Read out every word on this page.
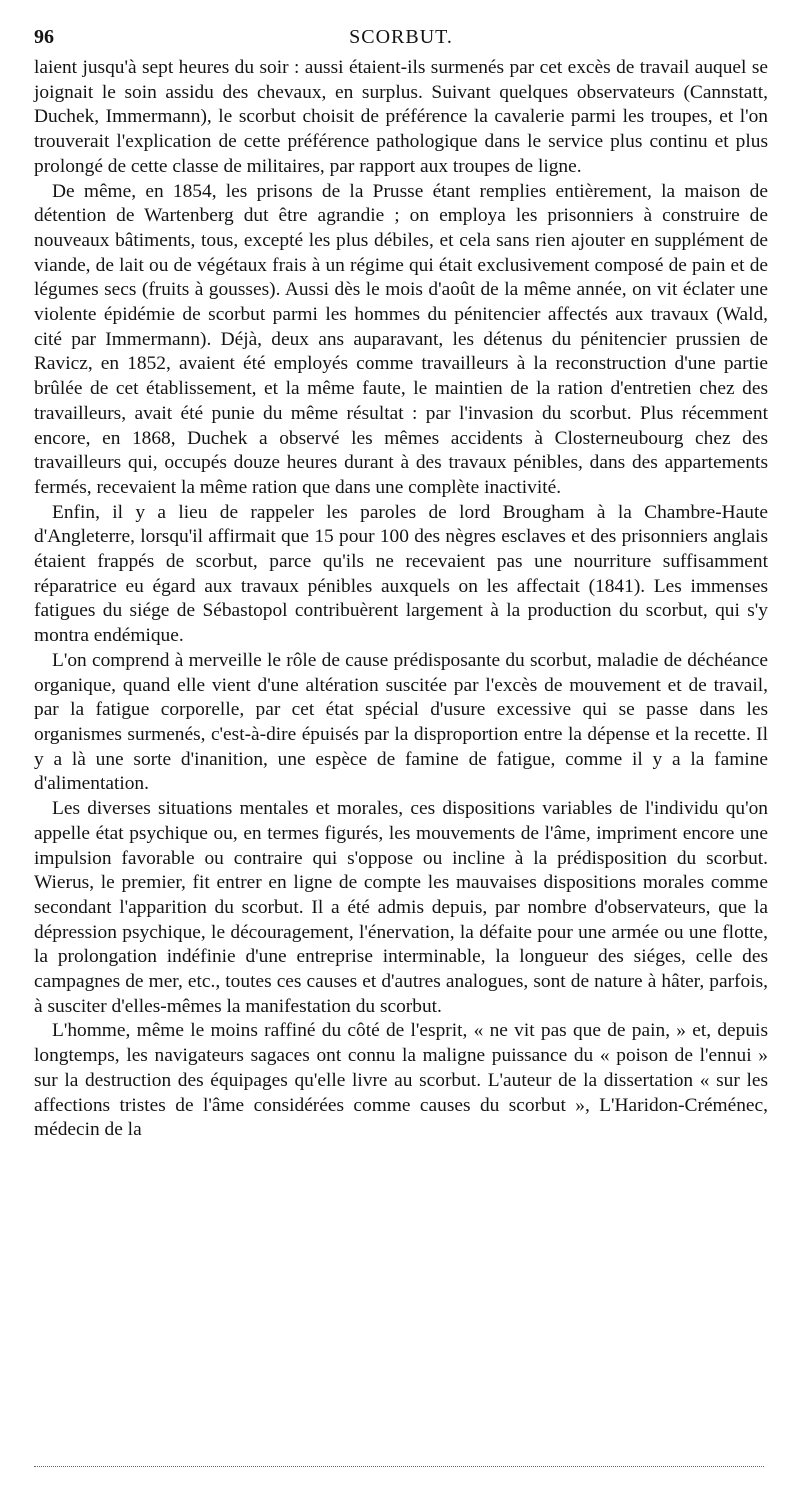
96	SCORBUT.

laient jusqu'à sept heures du soir : aussi étaient-ils surmenés par cet excès de travail auquel se joignait le soin assidu des chevaux, en surplus. Suivant quelques observateurs (Cannstatt, Duchek, Immermann), le scorbut choisit de préférence la cavalerie parmi les troupes, et l'on trouverait l'explication de cette préférence pathologique dans le service plus continu et plus prolongé de cette classe de militaires, par rapport aux troupes de ligne.

De même, en 1854, les prisons de la Prusse étant remplies entièrement, la maison de détention de Wartenberg dut être agrandie ; on employa les prisonniers à construire de nouveaux bâtiments, tous, excepté les plus débiles, et cela sans rien ajouter en supplément de viande, de lait ou de végétaux frais à un régime qui était exclusivement composé de pain et de légumes secs (fruits à gousses). Aussi dès le mois d'août de la même année, on vit éclater une violente épidémie de scorbut parmi les hommes du pénitencier affectés aux travaux (Wald, cité par Immermann). Déjà, deux ans auparavant, les détenus du pénitencier prussien de Ravicz, en 1852, avaient été employés comme travailleurs à la reconstruction d'une partie brûlée de cet établissement, et la même faute, le maintien de la ration d'entretien chez des travailleurs, avait été punie du même résultat : par l'invasion du scorbut. Plus récemment encore, en 1868, Duchek a observé les mêmes accidents à Closterneubourg chez des travailleurs qui, occupés douze heures durant à des travaux pénibles, dans des appartements fermés, recevaient la même ration que dans une complète inactivité.

Enfin, il y a lieu de rappeler les paroles de lord Brougham à la Chambre-Haute d'Angleterre, lorsqu'il affirmait que 15 pour 100 des nègres esclaves et des prisonniers anglais étaient frappés de scorbut, parce qu'ils ne recevaient pas une nourriture suffisamment réparatrice eu égard aux travaux pénibles auxquels on les affectait (1841). Les immenses fatigues du siége de Sébastopol contribuèrent largement à la production du scorbut, qui s'y montra endémique.

L'on comprend à merveille le rôle de cause prédisposante du scorbut, maladie de déchéance organique, quand elle vient d'une altération suscitée par l'excès de mouvement et de travail, par la fatigue corporelle, par cet état spécial d'usure excessive qui se passe dans les organismes surmenés, c'est-à-dire épuisés par la disproportion entre la dépense et la recette. Il y a là une sorte d'inanition, une espèce de famine de fatigue, comme il y a la famine d'alimentation.

Les diverses situations mentales et morales, ces dispositions variables de l'individu qu'on appelle état psychique ou, en termes figurés, les mouvements de l'âme, impriment encore une impulsion favorable ou contraire qui s'oppose ou incline à la prédisposition du scorbut. Wierus, le premier, fit entrer en ligne de compte les mauvaises dispositions morales comme secondant l'apparition du scorbut. Il a été admis depuis, par nombre d'observateurs, que la dépression psychique, le découragement, l'énervation, la défaite pour une armée ou une flotte, la prolongation indéfinie d'une entreprise interminable, la longueur des siéges, celle des campagnes de mer, etc., toutes ces causes et d'autres analogues, sont de nature à hâter, parfois, à susciter d'elles-mêmes la manifestation du scorbut.

L'homme, même le moins raffiné du côté de l'esprit, « ne vit pas que de pain, » et, depuis longtemps, les navigateurs sagaces ont connu la maligne puissance du « poison de l'ennui » sur la destruction des équipages qu'elle livre au scorbut. L'auteur de la dissertation « sur les affections tristes de l'âme considérées comme causes du scorbut », L'Haridon-Créménec, médecin de la
